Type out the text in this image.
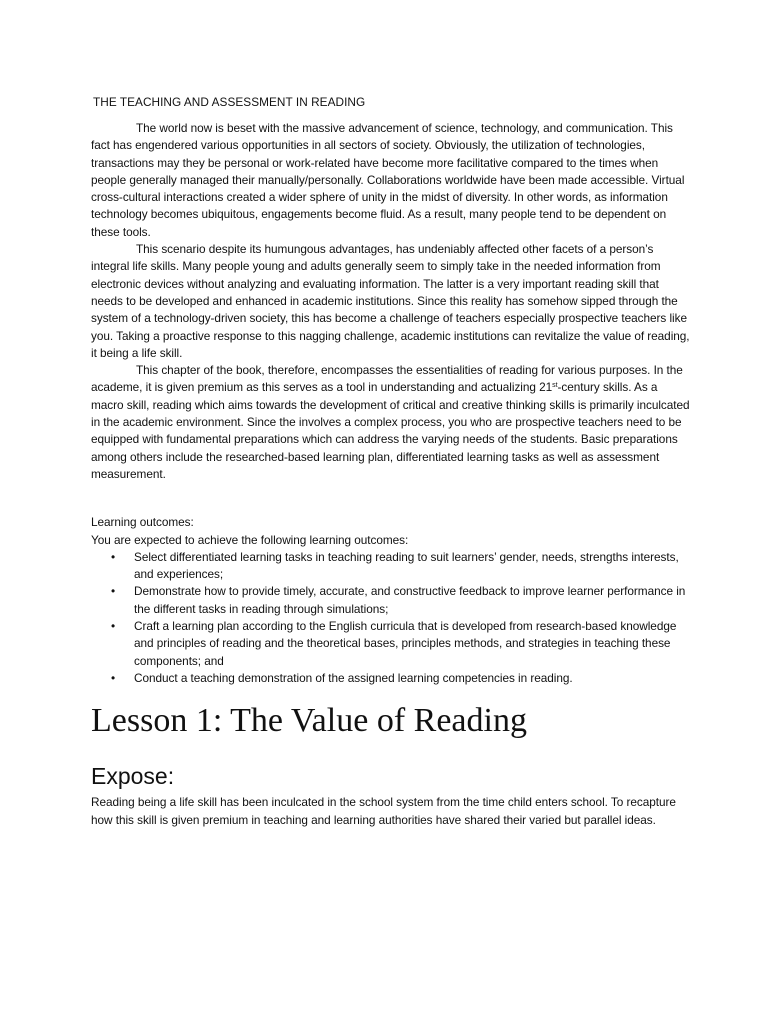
THE TEACHING AND ASSESSMENT IN READING

The world now is beset with the massive advancement of science, technology, and communication. This fact has engendered various opportunities in all sectors of society. Obviously, the utilization of technologies, transactions may they be personal or work-related have become more facilitative compared to the times when people generally managed their manually/personally. Collaborations worldwide have been made accessible. Virtual cross-cultural interactions created a wider sphere of unity in the midst of diversity. In other words, as information technology becomes ubiquitous, engagements become fluid. As a result, many people tend to be dependent on these tools.

This scenario despite its humungous advantages, has undeniably affected other facets of a person’s integral life skills. Many people young and adults generally seem to simply take in the needed information from electronic devices without analyzing and evaluating information. The latter is a very important reading skill that needs to be developed and enhanced in academic institutions. Since this reality has somehow sipped through the system of a technology-driven society, this has become a challenge of teachers especially prospective teachers like you. Taking a proactive response to this nagging challenge, academic institutions can revitalize the value of reading, it being a life skill.

This chapter of the book, therefore, encompasses the essentialities of reading for various purposes. In the academe, it is given premium as this serves as a tool in understanding and actualizing 21st-century skills. As a macro skill, reading which aims towards the development of critical and creative thinking skills is primarily inculcated in the academic environment. Since the involves a complex process, you who are prospective teachers need to be equipped with fundamental preparations which can address the varying needs of the students. Basic preparations among others include the researched-based learning plan, differentiated learning tasks as well as assessment measurement.

Learning outcomes:

You are expected to achieve the following learning outcomes:

• Select differentiated learning tasks in teaching reading to suit learners’ gender, needs, strengths interests, and experiences;
• Demonstrate how to provide timely, accurate, and constructive feedback to improve learner performance in the different tasks in reading through simulations;
• Craft a learning plan according to the English curricula that is developed from research-based knowledge and principles of reading and the theoretical bases, principles methods, and strategies in teaching these components; and
• Conduct a teaching demonstration of the assigned learning competencies in reading.
Lesson 1: The Value of Reading
Expose:

Reading being a life skill has been inculcated in the school system from the time child enters school. To recapture how this skill is given premium in teaching and learning authorities have shared their varied but parallel ideas.
